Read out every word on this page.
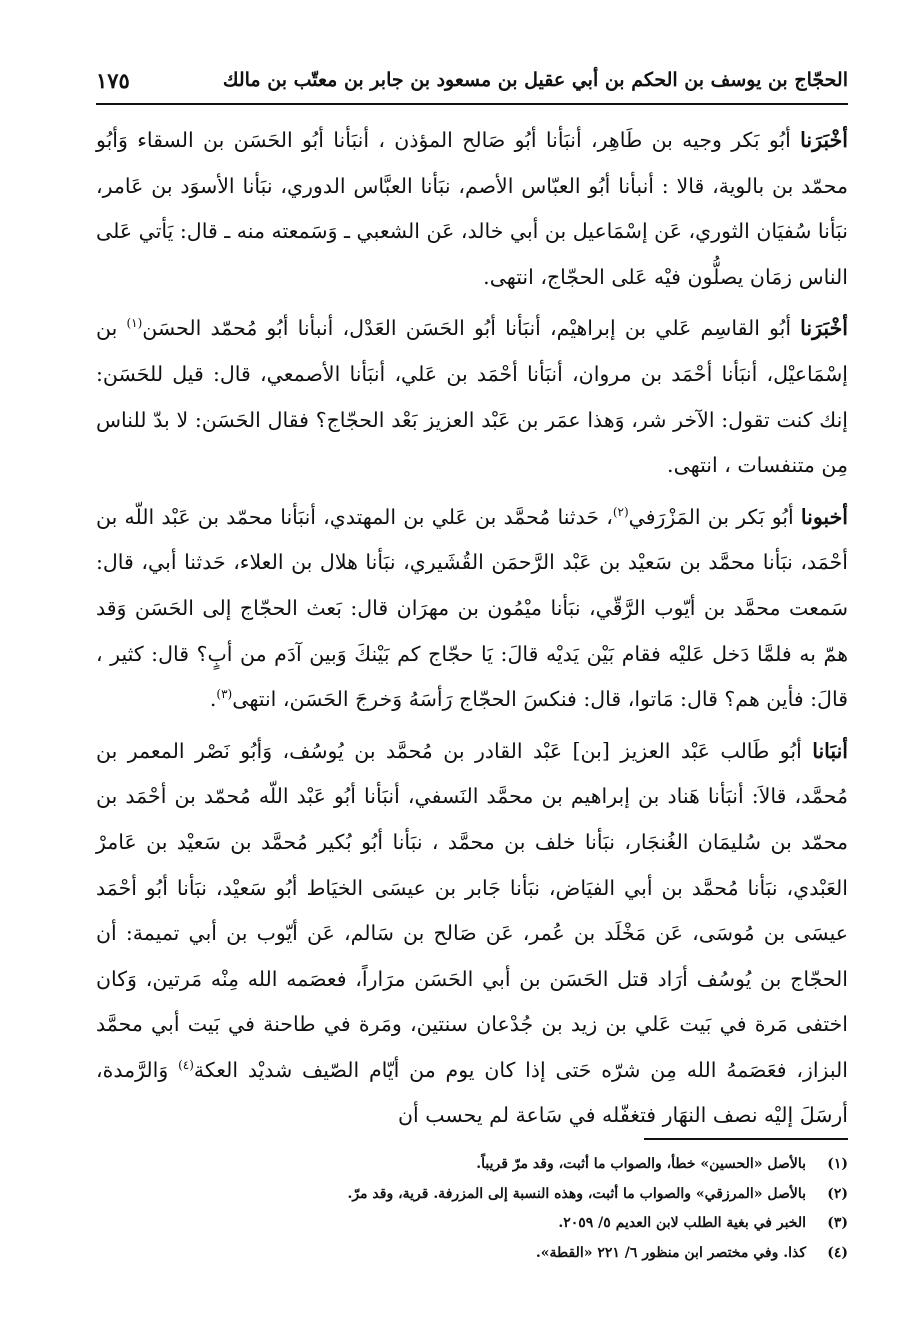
الحجّاج بن يوسف بن الحكم بن أبي عقيل بن مسعود بن جابر بن معتّب بن مالك
١٧٥

أخْبَرَنا أبُو بَكر وجيه بن طَاهِر، أنبَأنا أبُو صَالح المؤذن ، أنبَأنا أبُو الحَسَن بن السقاء وَأبُو محمّد بن بالوية، قالا : أنبأنا أبُو العبّاس الأصم، نبَأنا العبَّاس الدوري، نبَأنا الأسوَد بن عَامر، نبَأنا سُفيَان الثوري، عَن إسْمَاعيل بن أبي خالد، عَن الشعبي ـ وَسَمعته منه ـ قال: يَأتي عَلى الناس زمَان يصلُّون فيْه عَلى الحجّاج، انتهى.

أخْبَرَنا أبُو القاسِم عَلي بن إبراهيْم، أنبَأنا أبُو الحَسَن العَدْل، أنبأنا أبُو مُحمّد الحسَن$^{(١)}$ بن إسْمَاعيْل، أنبَأنا أحْمَد بن مروان، أنبَأنا أحْمَد بن عَلي، أنبَأنا الأصمعي، قال: قيل للحَسَن: إنك كنت تقول: الآخر شر، وَهذا عمَر بن عَبْد العزيز بَعْد الحجّاج؟ فقال الحَسَن: لا بدّ للناس مِن متنفسات ، انتهى.

أخبونا أبُو بَكر بن المَزْرَفي$^{(٢)}$، حَدثنا مُحمَّد بن عَلي بن المهتدي، أنبَأنا محمّد بن عَبْد اللّه بن أحْمَد، نبَأنا محمَّد بن سَعيْد بن عَبْد الرَّحمَن القُشَيري، نبَأنا هلال بن العلاء، حَدثنا أبي، قال: سَمعت محمَّد بن أيّوب الرَّقّي، نبَأنا ميْمُون بن مهرَان قال: بَعث الحجّاج إلى الحَسَن وَقد همّ به فلمَّا دَخل عَليْه فقام بَيْن يَديْه قالَ: يَا حجّاج كم بَيْنكَ وَبين آدَم من أبٍ؟ قال: كثير ، قالَ: فأين هم؟ قال: مَاتوا، قال: فنكسَ الحجّاج رَأسَهُ وَخرجَ الحَسَن، انتهى$^{(٣)}$.

أنبَانا أبُو طَالب عَبْد العزيز [بن] عَبْد القادر بن مُحمَّد بن يُوسُف، وَأبُو نَصْر المعمر بن مُحمَّد، قالاَ: أنبَأنا هَناد بن إبراهيم بن محمَّد النَسفي، أنبَأنا أبُو عَبْد اللّه مُحمّد بن أحْمَد بن محمّد بن سُليمَان الغُنجَار، نبَأنا خلف بن محمَّد ، نبَأنا أبُو بُكير مُحمَّد بن سَعيْد بن عَامرْ العَبْدي، نبَأنا مُحمَّد بن أبي الفيَاض، نبَأنا جَابر بن عيسَى الخيَاط أبُو سَعيْد، نبَأنا أبُو أحْمَد عيسَى بن مُوسَى، عَن مَخْلَد بن عُمر، عَن صَالح بن سَالم، عَن أيّوب بن أبي تميمة: أن الحجّاج بن يُوسُف أرَاد قتل الحَسَن بن أبي الحَسَن مرَاراً، فعصَمه الله مِنْه مَرتين، وَكان اختفى مَرة في بَيت عَلي بن زيد بن جُدْعان سنتين، ومَرة في طاحنة في بَيت أبي محمَّد البزاز، فعَصَمهُ الله مِن شرّه حَتى إذا كان يوم من أيّام الصّيف شديْد العكة$^{(٤)}$ وَالرَّمدة، أرسَلَ إليْه نصف النهَار فتغفّله في سَاعة لم يحسب أن

(١)
بالأصل «الحسين» خطأ، والصواب ما أثبت، وقد مرّ قريباً.
(٢)
بالأصل «المرزقي» والصواب ما أثبت، وهذه النسبة إلى المزرفة. قرية، وقد مرّ.
(٣)
الخبر في بغية الطلب لابن العديم ٥/ ٢٠٥٩.
(٤)
كذا. وفي مختصر ابن منظور ٦/ ٢٢١ «القطة».
